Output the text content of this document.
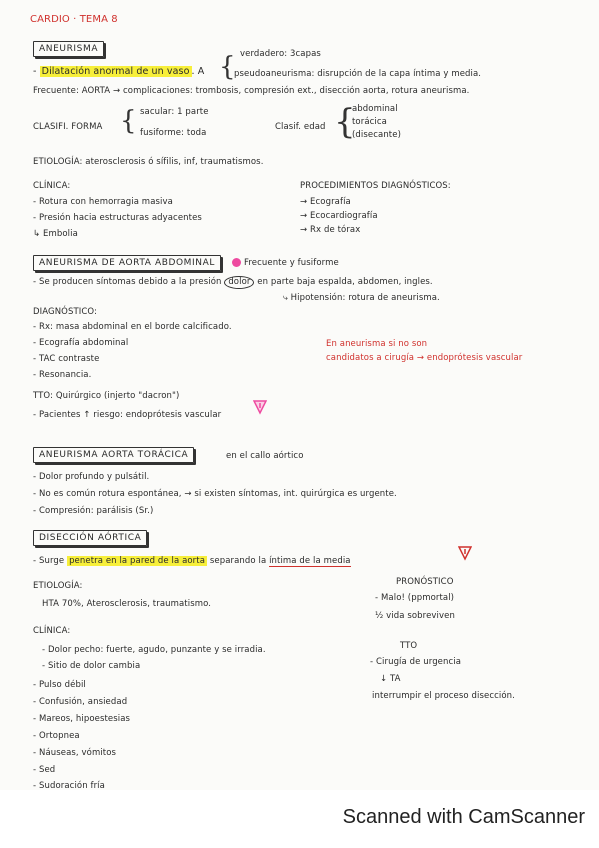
CARDIO · TEMA 8
ANEURISMA	verdadero: 3capas
- Dilatación anormal de un vaso . A {
pseudoaneurisma: disrupción de la capa íntima y media.
Frecuente: AORTA → complicaciones: trombosis, compresión ext., disección aorta, rotura aneurisma.
sacular: 1 parte
CLASIFI. FORMA { fusiforme: toda
Clasif. edad {
abdominal
torácica
(disecante)
ETIOLOGÍA: aterosclerosis ó sífilis, inf, traumatismos.
CLÍNICA:
- Rotura con hemorragia masiva
- Presión hacia estructuras adyacentes
↳ Embolia
PROCEDIMIENTOS DIAGNÓSTICOS:
→ Ecografía
→ Ecocardiografía
→ Rx de tórax
ANEURISMA DE AORTA ABDOMINAL	Frecuente y fusiforme
- Se producen síntomas debido a la presión dolor en parte baja espalda, abdomen, ingles.
⤷ Hipotensión: rotura de aneurisma.
DIAGNÓSTICO:
- Rx: masa abdominal en el borde calcificado.
- Ecografía abdominal
- TAC contraste
- Resonancia.
En aneurisma si no son
candidatos a cirugía → endoprótesis vascular
TTO: Quirúrgico (injerto "dacron")
- Pacientes ↑ riesgo: endoprótesis vascular
ANEURISMA AORTA TORÁCICA	en el callo aórtico
- Dolor profundo y pulsátil.
- No es común rotura espontánea, → si existen síntomas, int. quirúrgica es urgente.
- Compresión: parálisis (Sr.)
DISECCIÓN AÓRTICA
- Surge penetra en la pared de la aorta separando la íntima de la media
ETIOLOGÍA:
HTA 70%, Aterosclerosis, traumatismo.
PRONÓSTICO
- Malo! (ppmortal)
½ vida sobreviven
CLÍNICA:
- Dolor pecho: fuerte, agudo, punzante y se irradia.
- Sitio de dolor cambia
- Pulso débil
- Confusión, ansiedad
- Mareos, hipoestesias
- Ortopnea
- Náuseas, vómitos
- Sed
- Sudoración fría
TTO
- Cirugía de urgencia
↓ TA
interrumpir el proceso disección.
Scanned with CamScanner
